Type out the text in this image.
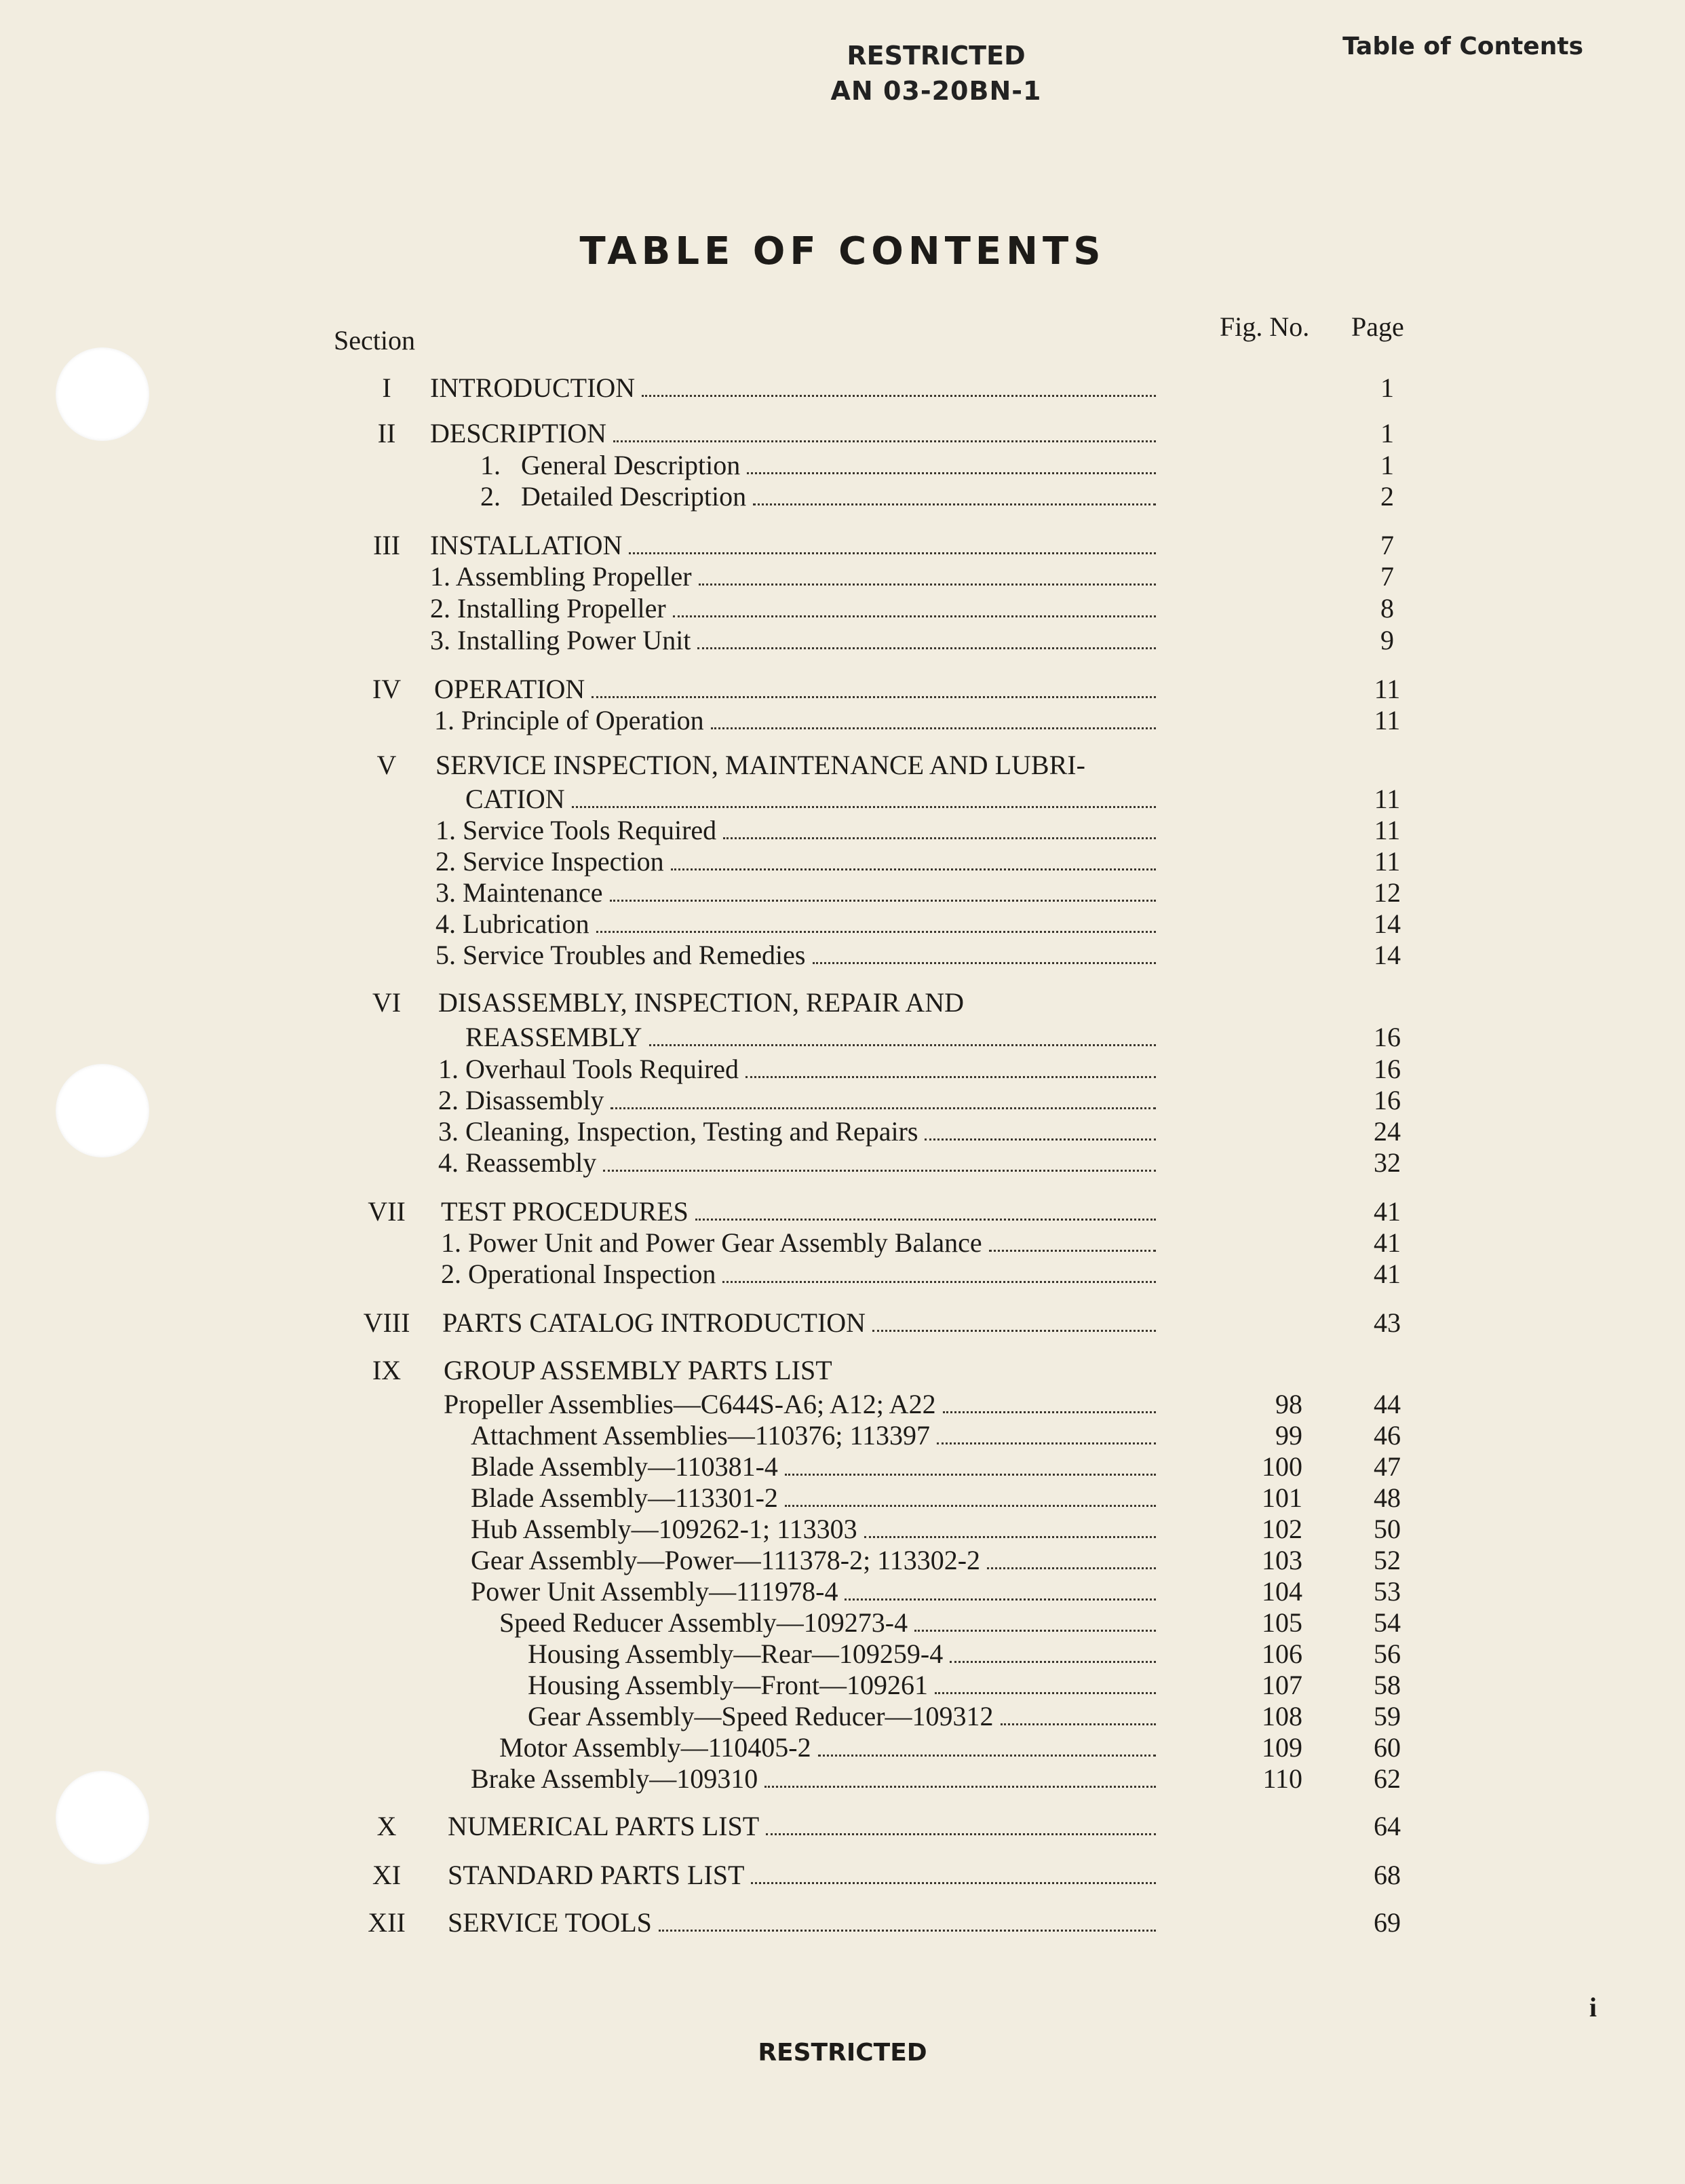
RESTRICTED
AN 03-20BN-1
Table of Contents
TABLE OF CONTENTS
Section	Fig. No. Page
I	INTRODUCTION	1
II	DESCRIPTION	1
1.   General Description	1
2.   Detailed Description	2
III	INSTALLATION	7
1. Assembling Propeller	7
2. Installing Propeller	8
3. Installing Power Unit	9
IV	OPERATION	11
1. Principle of Operation	11
V	SERVICE INSPECTION, MAINTENANCE AND LUBRI-
CATION	11
1. Service Tools Required	11
2. Service Inspection	11
3. Maintenance	12
4. Lubrication	14
5. Service Troubles and Remedies	14
VI	DISASSEMBLY, INSPECTION, REPAIR AND
REASSEMBLY	16
1. Overhaul Tools Required	16
2. Disassembly	16
3. Cleaning, Inspection, Testing and Repairs	24
4. Reassembly	32
VII	TEST PROCEDURES	41
1. Power Unit and Power Gear Assembly Balance	41
2. Operational Inspection	41
VIII	PARTS CATALOG INTRODUCTION	43
IX	GROUP ASSEMBLY PARTS LIST
Propeller Assemblies—C644S-A6; A12; A22	98	44
Attachment Assemblies—110376; 113397	99	46
Blade Assembly—110381-4	100	47
Blade Assembly—113301-2	101	48
Hub Assembly—109262-1; 113303	102	50
Gear Assembly—Power—111378-2; 113302-2	103	52
Power Unit Assembly—111978-4	104	53
Speed Reducer Assembly—109273-4	105	54
Housing Assembly—Rear—109259-4	106	56
Housing Assembly—Front—109261	107	58
Gear Assembly—Speed Reducer—109312	108	59
Motor Assembly—110405-2	109	60
Brake Assembly—109310	110	62
X	NUMERICAL PARTS LIST	64
XI	STANDARD PARTS LIST	68
XII	SERVICE TOOLS	69
RESTRICTED
i
